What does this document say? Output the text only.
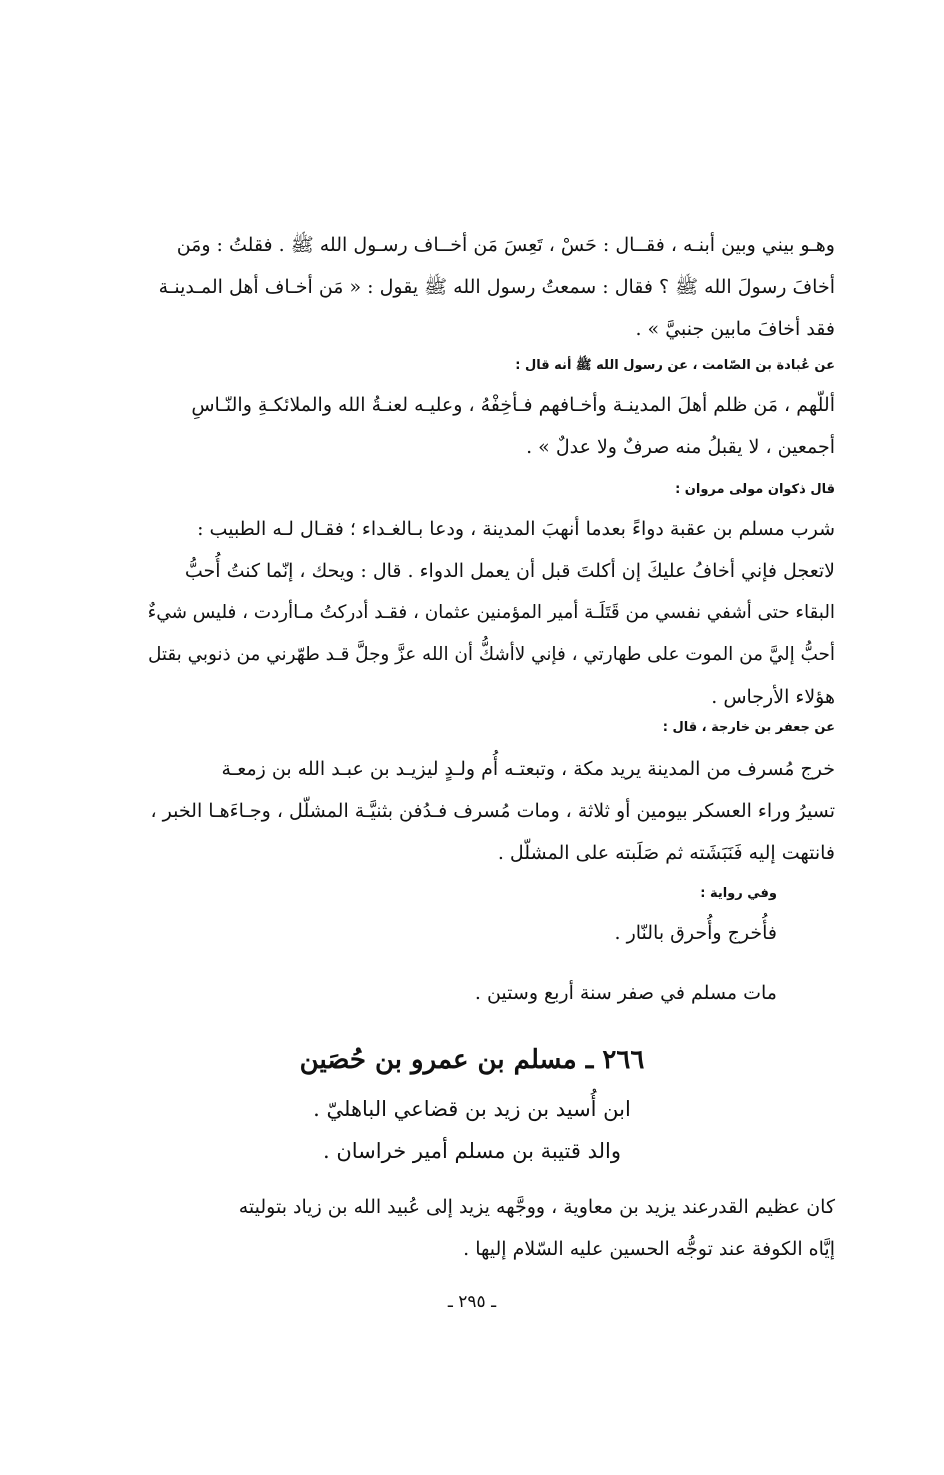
وهـو بيني وبين أبنـه ، فقــال : حَسْ ، تَعِسَ مَن أخــاف رسـول الله ﷺ . فقلتُ : ومَن
أخافَ رسولَ الله ﷺ ؟ فقال : سمعتُ رسول الله ﷺ يقول : « مَن أخـاف أهل المـدينـة
فقد أخافَ مابين جنبيَّ » .
عن عُبادة بن الصّامت ، عن رسول الله ﷺ أنه قال :
أللّهم ، مَن ظلم أهلَ المدينـة وأخـافهم فـأخِفْهُ ، وعليـه لعنـةُ الله والملائكـةِ والنّـاسِ
أجمعين ، لا يقبلُ منه صرفٌ ولا عدلٌ » .
قال ذكوان مولى مروان :
شرب مسلم بن عقبة دواءً بعدما أنهبَ المدينة ، ودعا بـالغـداء ؛ فقـال لـه الطبيب :
لاتعجل فإني أخافُ عليكَ إن أكلتَ قبل أن يعمل الدواء . قال : ويحك ، إنّما كنتُ أُحبُّ
البقاء حتى أشفي نفسي من قَتَلَـة أمير المؤمنين عثمان ، فقـد أدركتُ مـاأردت ، فليس شيءٌ
أحبُّ إليَّ من الموت على طهارتي ، فإني لاأشكُّ أن الله عزَّ وجلَّ قـد طهّرني من ذنوبي بقتل
هؤلاء الأرجاس .
عن جعفر بن خارجة ، قال :
خرج مُسرف من المدينة يريد مكة ، وتبعتـه أُم ولـدٍ ليزيـد بن عبـد الله بن زمعـة
تسيرُ وراء العسكر بيومين أو ثلاثة ، ومات مُسرف فـدُفن بثنيَّـة المشلّل ، وجـاءَهـا الخبر ،
فانتهت إليه فَنَبَشَته ثم صَلَبته على المشلّل .
وفي رواية :
فأُخرج وأُحرق بالنّار .
مات مسلم في صفر سنة أربع وستين .
٢٦٦ ـ مسلم بن عمرو بن حُصَين
ابن أُسيد بن زيد بن قضاعي الباهليّ .
والد قتيبة بن مسلم أمير خراسان .
كان عظيم القدرعند يزيد بن معاوية ، ووجَّهه يزيد إلى عُبيد الله بن زياد بتوليته
إيَّاه الكوفة عند توجُّه الحسين عليه السّلام إليها .
ـ ٢٩٥ ـ
